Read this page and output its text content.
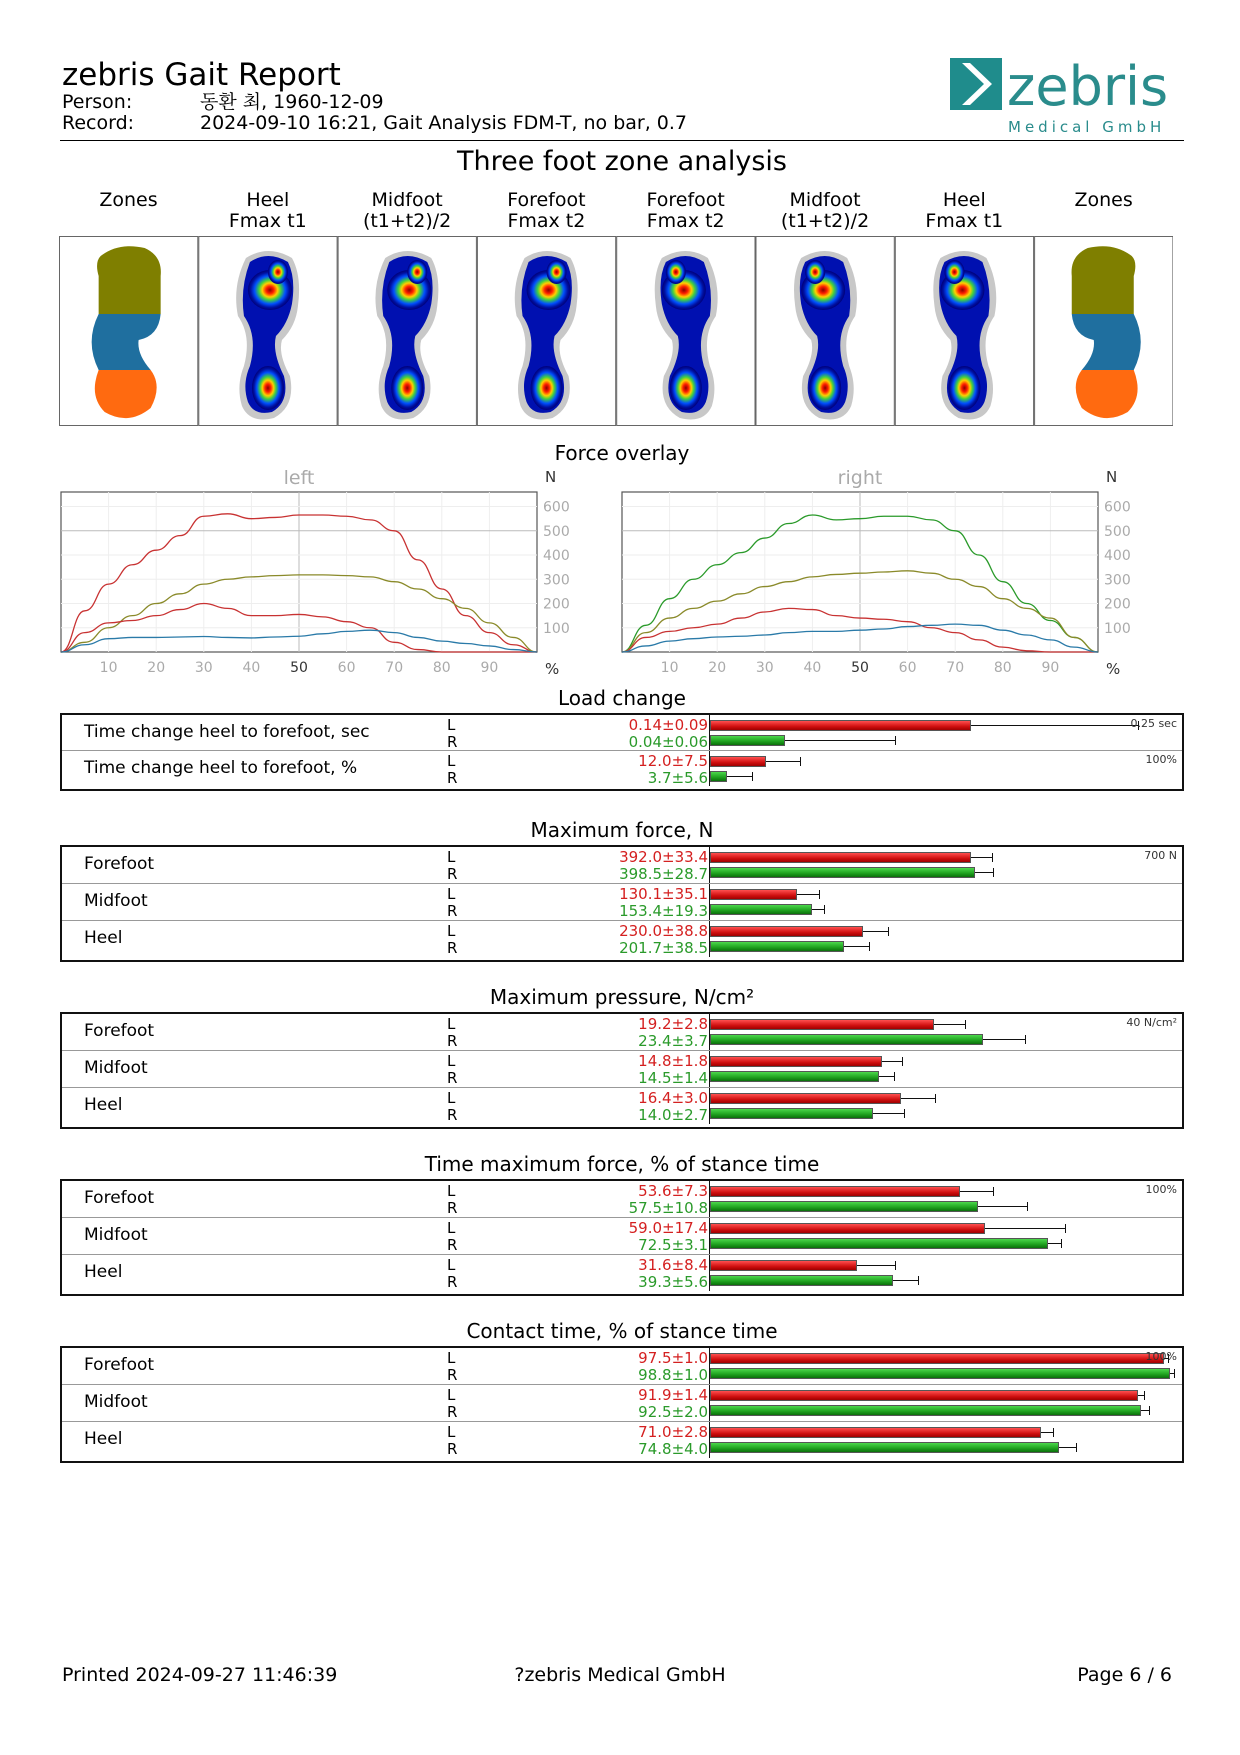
zebris Gait Report
Person:	동환 최, 1960-12-09
Record:	2024-09-10 16:21, Gait Analysis FDM-T, no bar, 0.7
zebris
Medical GmbH
Three foot zone analysis
Zones	Heel
Fmax t1
Midfoot
(t1+t2)/2
Forefoot
Fmax t2
Forefoot
Fmax t2
Midfoot
(t1+t2)/2
Heel
Fmax t1
Zones
Force overlay
left	N
600
500
400
300
200
100
10 20 30 40 50 60 70 80 90	%
right	N
600
500
400
300
200
100
10 20 30 40 50 60 70 80 90	%
Load change
Time change heel to forefoot, sec	L	0.14±0.09
R	0.04±0.06
0.25 sec
Time change heel to forefoot, %	L	12.0±7.5
R	3.7±5.6
100%
Maximum force, N
Forefoot	L	392.0±33.4
R	398.5±28.7
700 N
Midfoot	L	130.1±35.1
R	153.4±19.3
Heel	L	230.0±38.8
R	201.7±38.5
Maximum pressure, N/cm²
Forefoot	L	19.2±2.8
R	23.4±3.7
40 N/cm²
Midfoot	L	14.8±1.8
R	14.5±1.4
Heel	L	16.4±3.0
R	14.0±2.7
Time maximum force, % of stance time
Forefoot	L	53.6±7.3
R	57.5±10.8
100%
Midfoot	L	59.0±17.4
R	72.5±3.1
Heel	L	31.6±8.4
R	39.3±5.6
Contact time, % of stance time
Forefoot	L	97.5±1.0
R	98.8±1.0
100%
Midfoot	L	91.9±1.4
R	92.5±2.0
Heel	L	71.0±2.8
R	74.8±4.0
Printed 2024-09-27 11:46:39	?zebris Medical GmbH	Page 6 / 6
